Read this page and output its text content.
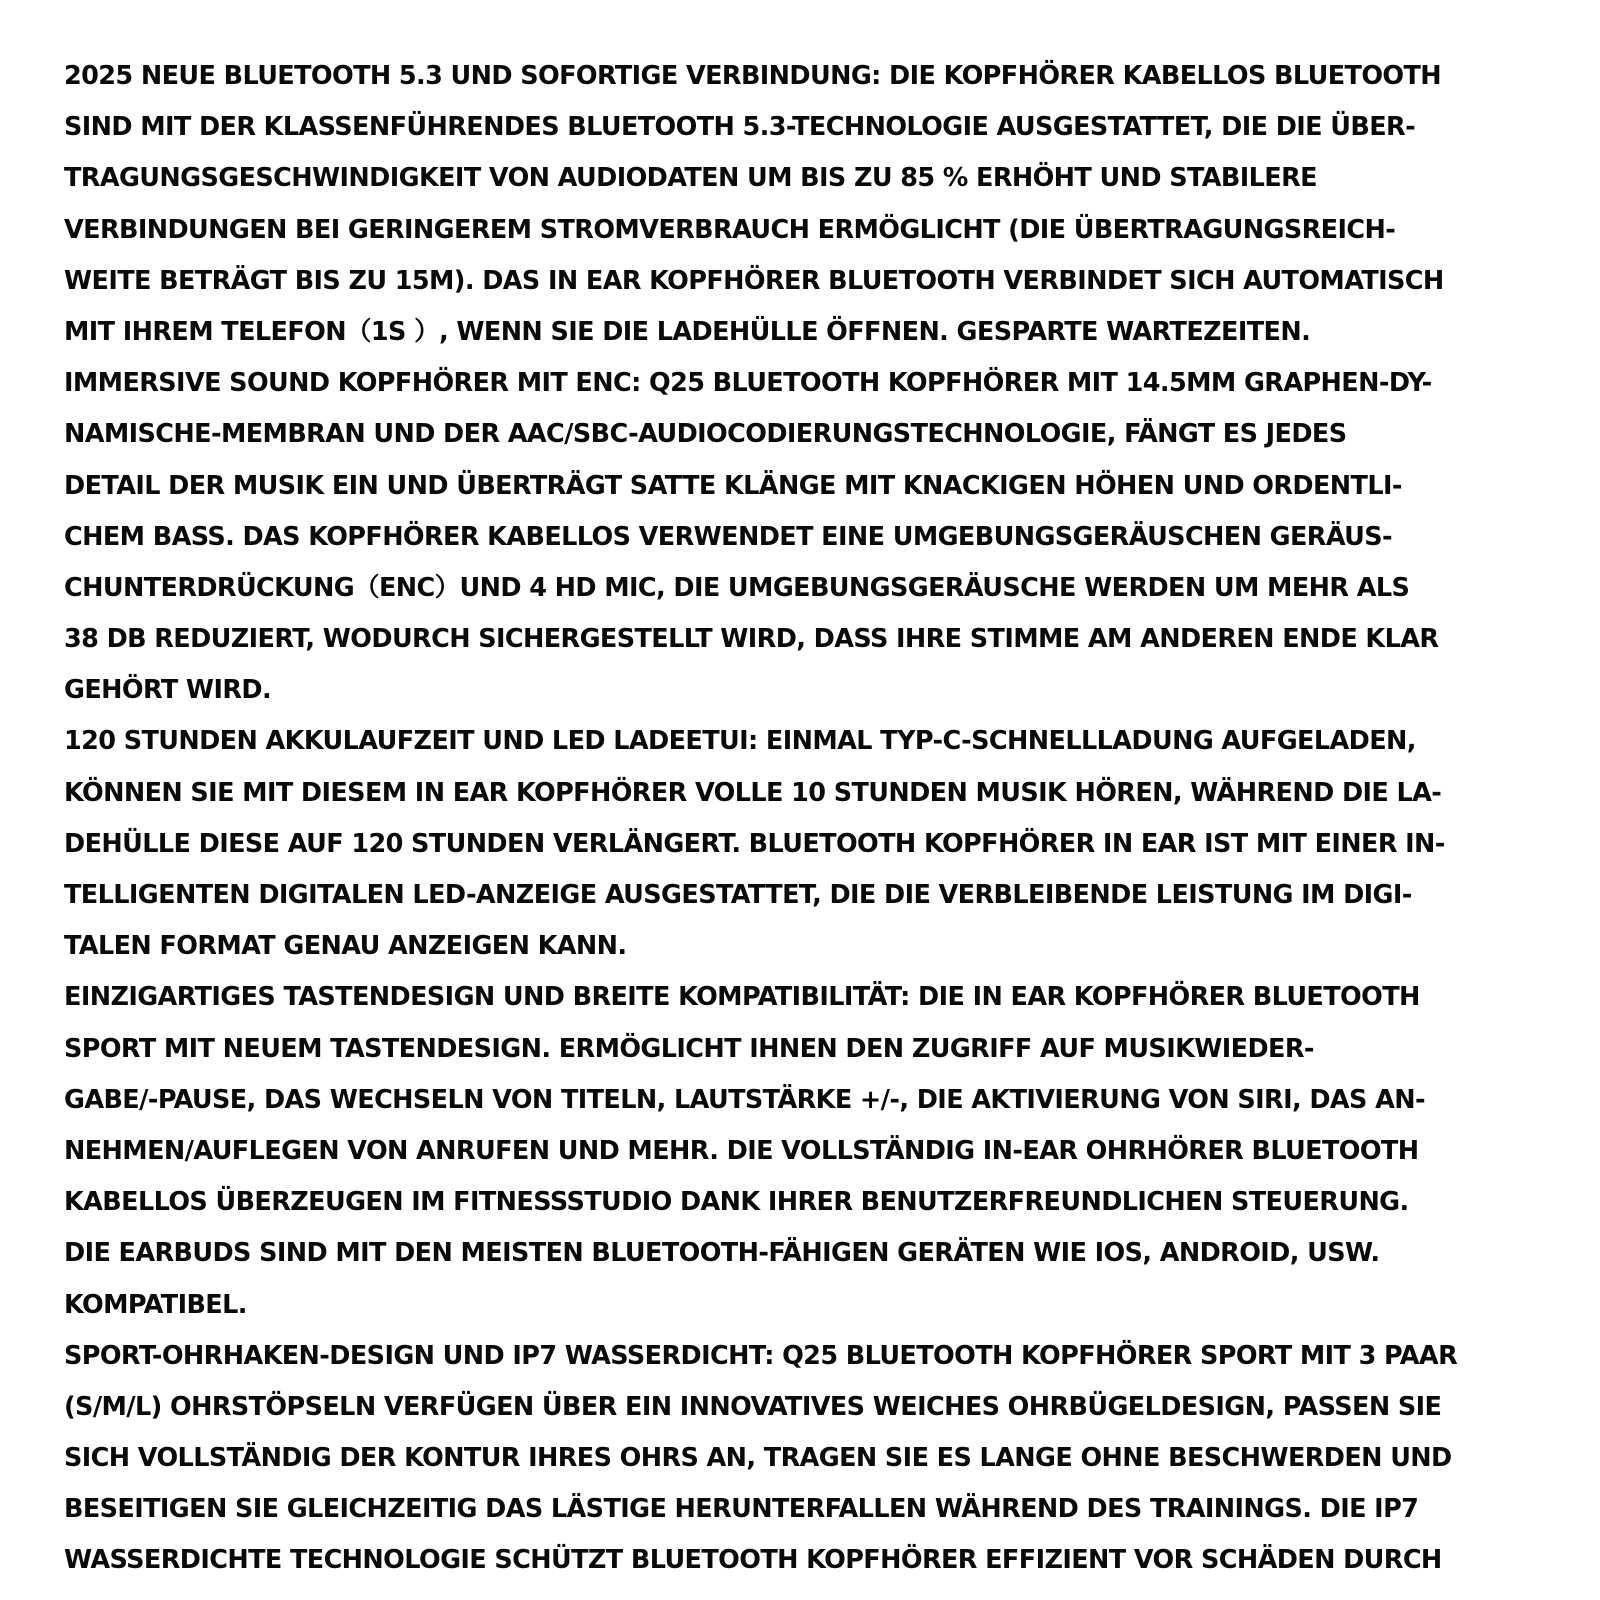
2025 NEUE BLUETOOTH 5.3 UND SOFORTIGE VERBINDUNG: DIE KOPFHÖRER KABELLOS BLUETOOTH
SIND MIT DER KLASSENFÜHRENDES BLUETOOTH 5.3-TECHNOLOGIE AUSGESTATTET, DIE DIE ÜBER-
TRAGUNGSGESCHWINDIGKEIT VON AUDIODATEN UM BIS ZU 85 % ERHÖHT UND STABILERE
VERBINDUNGEN BEI GERINGEREM STROMVERBRAUCH ERMÖGLICHT (DIE ÜBERTRAGUNGSREICH-
WEITE BETRÄGT BIS ZU 15M). DAS IN EAR KOPFHÖRER BLUETOOTH VERBINDET SICH AUTOMATISCH
MIT IHREM TELEFON（1S ）, WENN SIE DIE LADEHÜLLE ÖFFNEN. GESPARTE WARTEZEITEN.
IMMERSIVE SOUND KOPFHÖRER MIT ENC: Q25 BLUETOOTH KOPFHÖRER MIT 14.5MM GRAPHEN-DY-
NAMISCHE-MEMBRAN UND DER AAC/SBC-AUDIOCODIERUNGSTECHNOLOGIE, FÄNGT ES JEDES
DETAIL DER MUSIK EIN UND ÜBERTRÄGT SATTE KLÄNGE MIT KNACKIGEN HÖHEN UND ORDENTLI-
CHEM BASS. DAS KOPFHÖRER KABELLOS VERWENDET EINE UMGEBUNGSGERÄUSCHEN GERÄUS-
CHUNTERDRÜCKUNG（ENC）UND 4 HD MIC, DIE UMGEBUNGSGERÄUSCHE WERDEN UM MEHR ALS
38 DB REDUZIERT, WODURCH SICHERGESTELLT WIRD, DASS IHRE STIMME AM ANDEREN ENDE KLAR
GEHÖRT WIRD.
120 STUNDEN AKKULAUFZEIT UND LED LADEETUI: EINMAL TYP-C-SCHNELLLADUNG AUFGELADEN,
KÖNNEN SIE MIT DIESEM IN EAR KOPFHÖRER VOLLE 10 STUNDEN MUSIK HÖREN, WÄHREND DIE LA-
DEHÜLLE DIESE AUF 120 STUNDEN VERLÄNGERT. BLUETOOTH KOPFHÖRER IN EAR IST MIT EINER IN-
TELLIGENTEN DIGITALEN LED-ANZEIGE AUSGESTATTET, DIE DIE VERBLEIBENDE LEISTUNG IM DIGI-
TALEN FORMAT GENAU ANZEIGEN KANN.
EINZIGARTIGES TASTENDESIGN UND BREITE KOMPATIBILITÄT: DIE IN EAR KOPFHÖRER BLUETOOTH
SPORT MIT NEUEM TASTENDESIGN. ERMÖGLICHT IHNEN DEN ZUGRIFF AUF MUSIKWIEDER-
GABE/-PAUSE, DAS WECHSELN VON TITELN, LAUTSTÄRKE +/-, DIE AKTIVIERUNG VON SIRI, DAS AN-
NEHMEN/AUFLEGEN VON ANRUFEN UND MEHR. DIE VOLLSTÄNDIG IN-EAR OHRHÖRER BLUETOOTH
KABELLOS ÜBERZEUGEN IM FITNESSSTUDIO DANK IHRER BENUTZERFREUNDLICHEN STEUERUNG.
DIE EARBUDS SIND MIT DEN MEISTEN BLUETOOTH-FÄHIGEN GERÄTEN WIE IOS, ANDROID, USW.
KOMPATIBEL.
SPORT-OHRHAKEN-DESIGN UND IP7 WASSERDICHT: Q25 BLUETOOTH KOPFHÖRER SPORT MIT 3 PAAR
(S/M/L) OHRSTÖPSELN VERFÜGEN ÜBER EIN INNOVATIVES WEICHES OHRBÜGELDESIGN, PASSEN SIE
SICH VOLLSTÄNDIG DER KONTUR IHRES OHRS AN, TRAGEN SIE ES LANGE OHNE BESCHWERDEN UND
BESEITIGEN SIE GLEICHZEITIG DAS LÄSTIGE HERUNTERFALLEN WÄHREND DES TRAININGS. DIE IP7
WASSERDICHTE TECHNOLOGIE SCHÜTZT BLUETOOTH KOPFHÖRER EFFIZIENT VOR SCHÄDEN DURCH
